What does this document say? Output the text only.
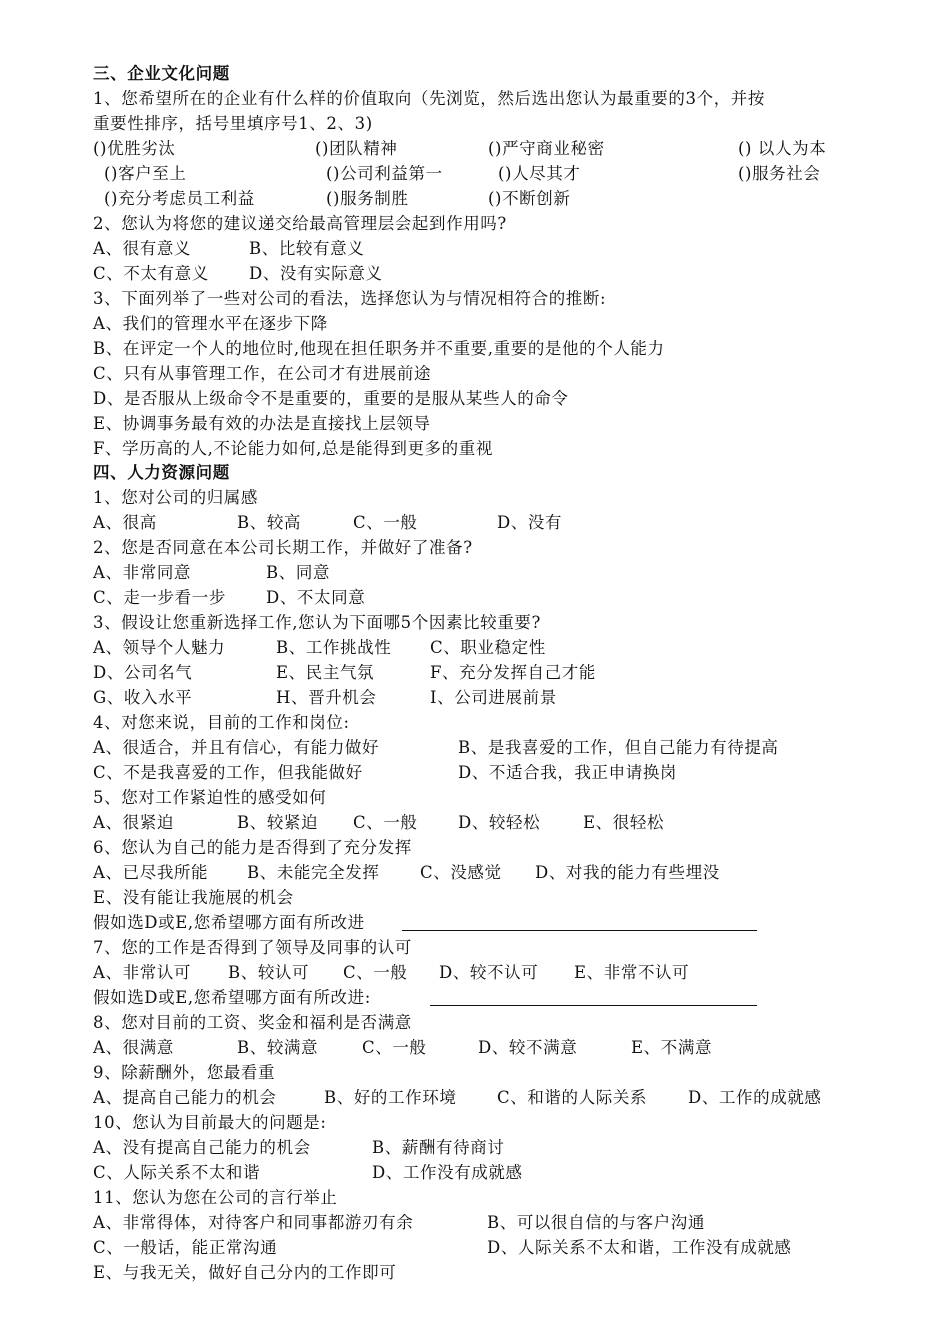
三、企业文化问题
1、您希望所在的企业有什么样的价值取向（先浏览，然后选出您认为最重要的3个，并按
重要性排序，括号里填序号1、2、3)
()优胜劣汰	()团队精神	()严守商业秘密	() 以人为本
()客户至上	()公司利益第一	()人尽其才	()服务社会
()充分考虑员工利益	()服务制胜	()不断创新
2、您认为将您的建议递交给最高管理层会起到作用吗?
A、很有意义	B、比较有意义
C、不太有意义 D、没有实际意义
3、下面列举了一些对公司的看法，选择您认为与情况相符合的推断:
A、我们的管理水平在逐步下降
B、在评定一个人的地位时,他现在担任职务并不重要,重要的是他的个人能力
C、只有从事管理工作，在公司才有进展前途
D、是否服从上级命令不是重要的，重要的是服从某些人的命令
E、协调事务最有效的办法是直接找上层领导
F、学历高的人,不论能力如何,总是能得到更多的重视
四、人力资源问题
1、您对公司的归属感
A、很高	B、较高	C、一般	D、没有
2、您是否同意在本公司长期工作，并做好了准备?
A、非常同意	B、同意
C、走一步看一步 D、不太同意
3、假设让您重新选择工作,您认为下面哪5个因素比较重要?
A、领导个人魅力	B、工作挑战性 C、职业稳定性
D、公司名气	E、民主气氛	F、充分发挥自己才能
G、收入水平	H、晋升机会	I、公司进展前景
4、对您来说，目前的工作和岗位:
A、很适合，并且有信心，有能力做好	B、是我喜爱的工作，但自己能力有待提高
C、不是我喜爱的工作，但我能做好	D、不适合我，我正申请换岗
5、您对工作紧迫性的感受如何
A、很紧迫	B、较紧迫 C、一般 D、较轻松	E、很轻松
6、您认为自己的能力是否得到了充分发挥
A、已尽我所能 B、未能完全发挥 C、没感觉 D、对我的能力有些埋没
E、没有能让我施展的机会
假如选D或E,您希望哪方面有所改进
7、您的工作是否得到了领导及同事的认可
A、非常认可 B、较认可 C、一般 D、较不认可 E、非常不认可
假如选D或E,您希望哪方面有所改进:
8、您对目前的工资、奖金和福利是否满意
A、很满意	B、较满意	C、一般	D、较不满意	E、不满意
9、除薪酬外，您最看重
A、提高自己能力的机会	B、好的工作环境 C、和谐的人际关系 D、工作的成就感
10、您认为目前最大的问题是:
A、没有提高自己能力的机会	B、薪酬有待商讨
C、人际关系不太和谐	D、工作没有成就感
11、您认为您在公司的言行举止
A、非常得体，对待客户和同事都游刃有余	B、可以很自信的与客户沟通
C、一般话，能正常沟通	D、人际关系不太和谐，工作没有成就感
E、与我无关，做好自己分内的工作即可
